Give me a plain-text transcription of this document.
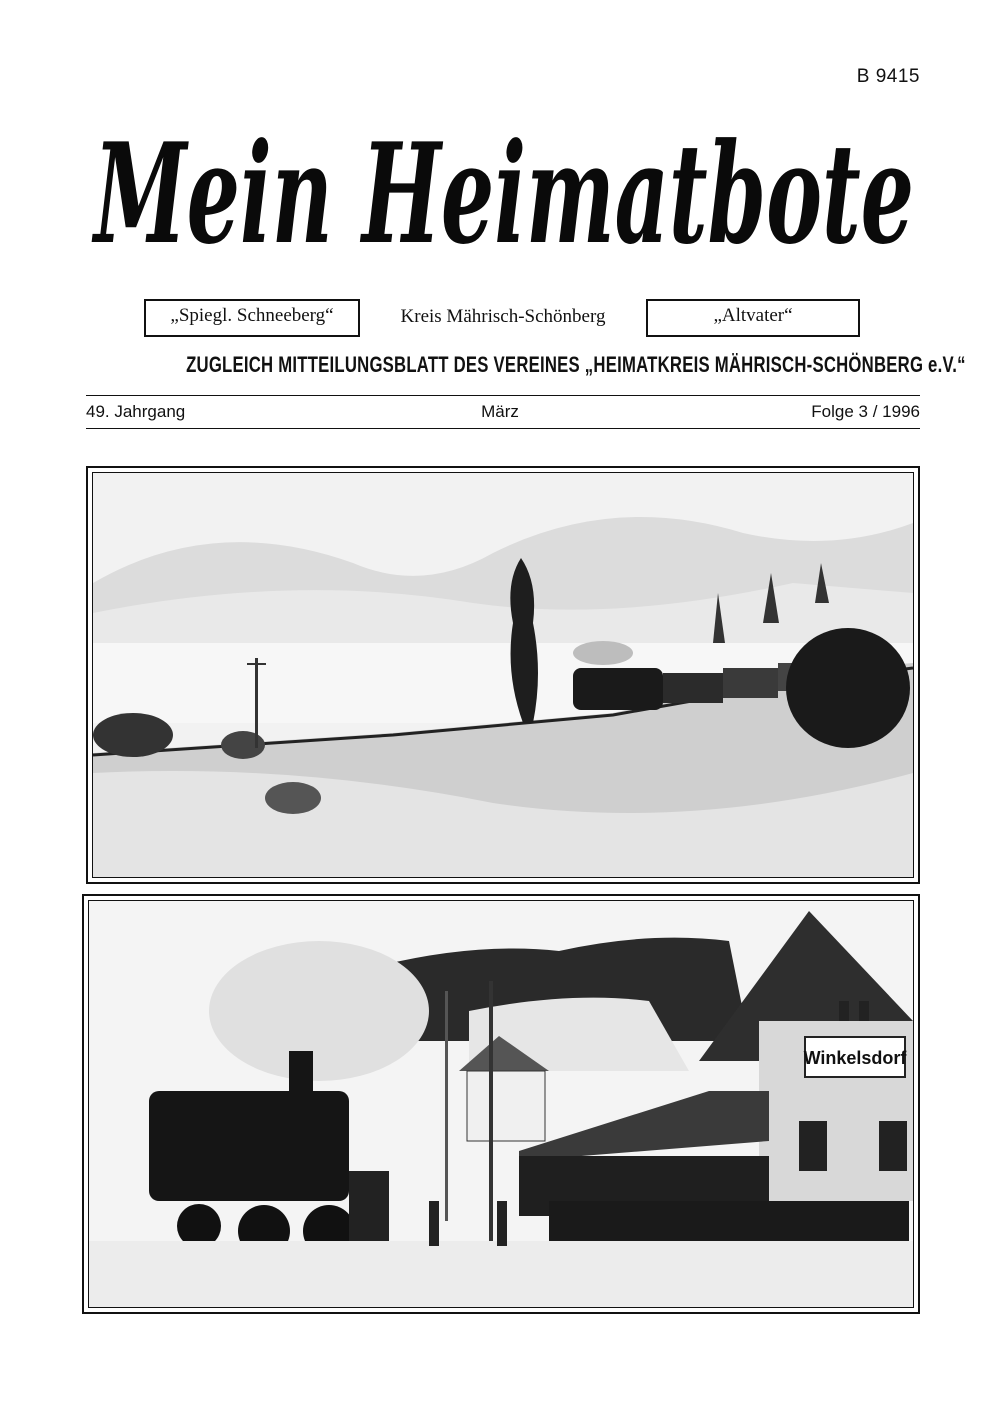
B 9415
Mein Heimatbote
„Spiegl. Schneeberg“	Kreis Mährisch-Schönberg	„Altvater“
ZUGLEICH MITTEILUNGSBLATT DES VEREINES „HEIMATKREIS MÄHRISCH-SCHÖNBERG e.V.“
49. Jahrgang	März	Folge 3 / 1996
Winkelsdorf
